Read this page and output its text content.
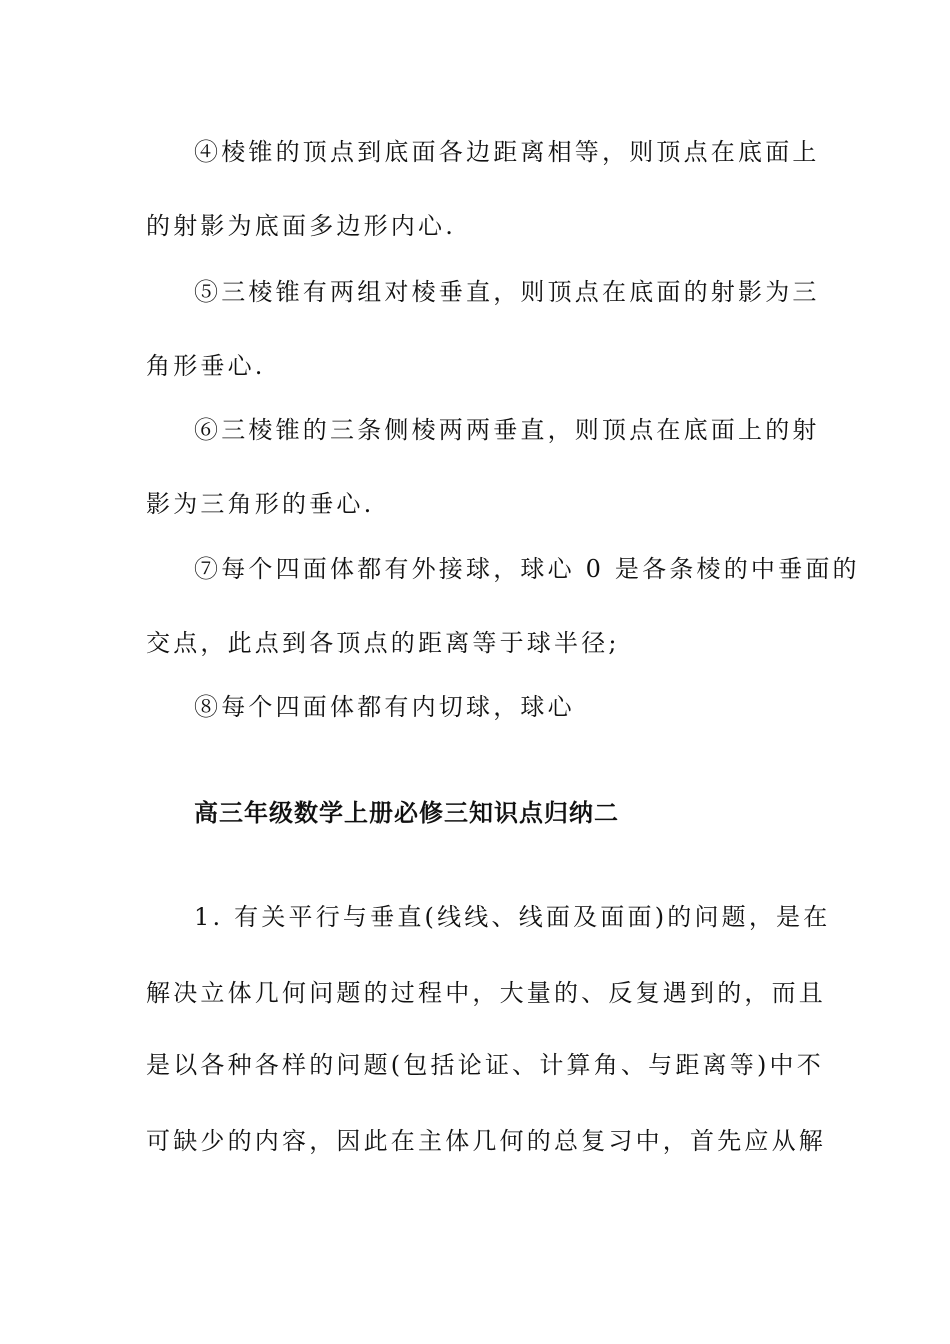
④棱锥的顶点到底面各边距离相等，则顶点在底面上
的射影为底面多边形内心.
⑤三棱锥有两组对棱垂直，则顶点在底面的射影为三
角形垂心.
⑥三棱锥的三条侧棱两两垂直，则顶点在底面上的射
影为三角形的垂心.
⑦每个四面体都有外接球，球心 0 是各条棱的中垂面的
交点，此点到各顶点的距离等于球半径;
⑧每个四面体都有内切球，球心
高三年级数学上册必修三知识点归纳二
1. 有关平行与垂直(线线、线面及面面)的问题，是在
解决立体几何问题的过程中，大量的、反复遇到的，而且
是以各种各样的问题(包括论证、计算角、与距离等)中不
可缺少的内容，因此在主体几何的总复习中，首先应从解
